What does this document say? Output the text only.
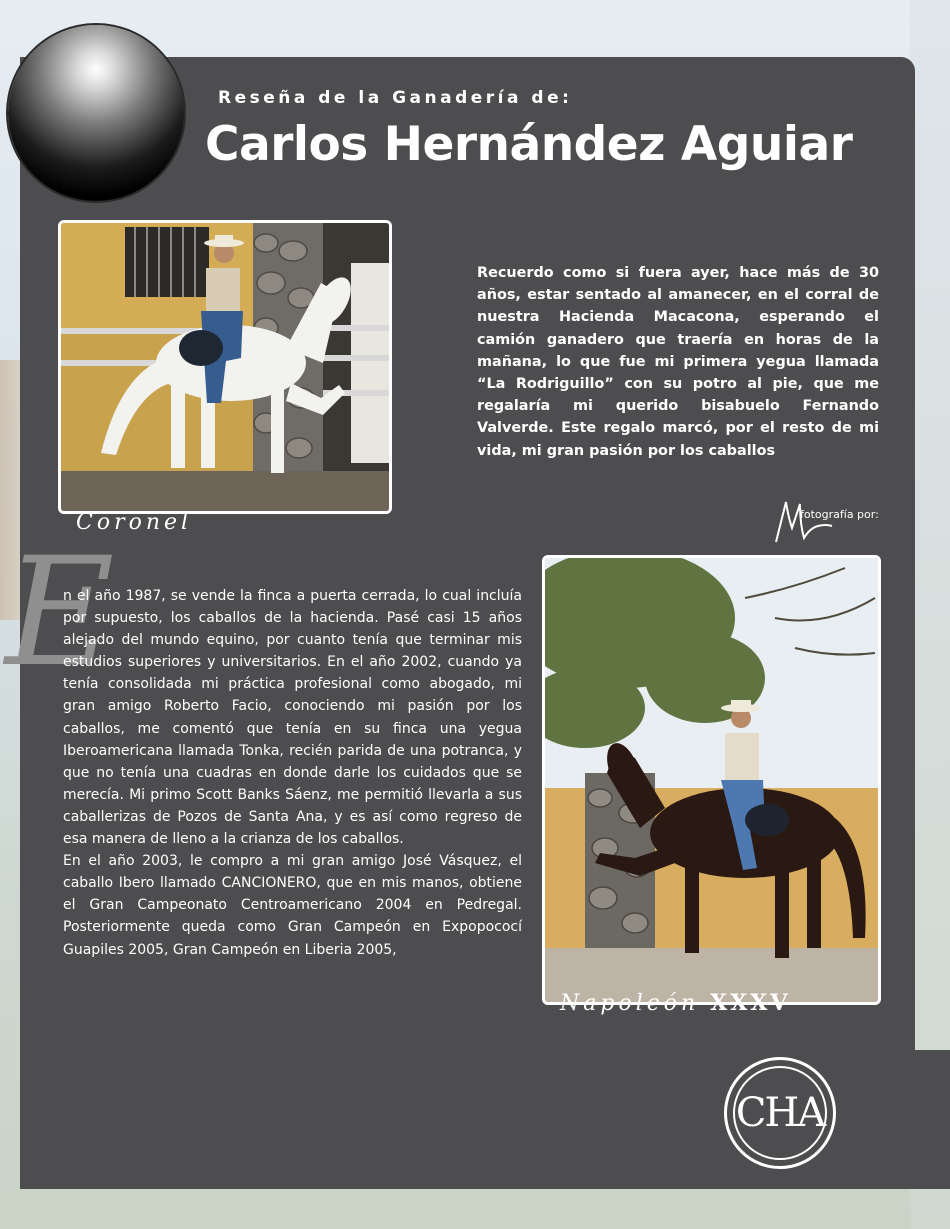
Reseña de la Ganadería de:
Carlos Hernández Aguiar
Coronel
Recuerdo como si fuera ayer, hace más de 30 años, estar sentado al amanecer, en el corral de nuestra Hacienda Macacona, esperando el camión ganadero que traería en horas de la mañana, lo que fue mi primera yegua llamada “La Rodriguillo” con su potro al pie, que me regalaría mi querido bisabuelo Fernando Valverde. Este regalo marcó, por el resto de mi vida, mi gran pasión por los caballos
fotografía por:
Napoleón XXXV
E

n el año 1987, se vende la finca a puerta cerrada, lo cual incluía por supuesto, los caballos de la hacienda. Pasé casi 15 años alejado del mundo equino, por cuanto tenía que terminar mis estudios superiores y universitarios. En el año 2002, cuando ya tenía consolidada mi práctica profesional como abogado, mi gran amigo Roberto Facio, conociendo mi pasión por los caballos, me comentó que tenía en su finca una yegua Iberoamericana llamada Tonka, recién parida de una potranca, y que no tenía una cuadras en donde darle los cuidados que se merecía. Mi primo Scott Banks Sáenz, me permitió llevarla a sus caballerizas de Pozos de Santa Ana, y es así como regreso de esa manera de lleno a la crianza de los caballos.

En el año 2003, le compro a mi gran amigo José Vásquez, el caballo Ibero llamado CANCIONERO, que en mis manos, obtiene el Gran Campeonato Centroamericano 2004 en Pedregal. Posteriormente queda como Gran Campeón en Expopococí Guapiles 2005, Gran Campeón en Liberia 2005,

CHA
